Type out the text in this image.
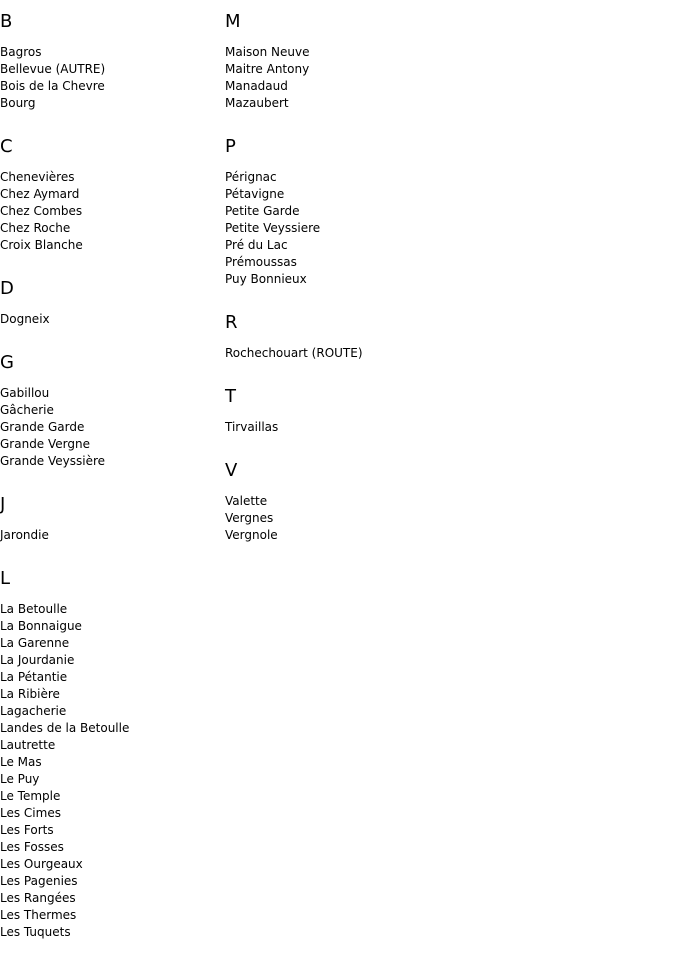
B
Bagros
Bellevue (AUTRE)
Bois de la Chevre
Bourg
C
Chenevières
Chez Aymard
Chez Combes
Chez Roche
Croix Blanche
D
Dogneix
G
Gabillou
Gâcherie
Grande Garde
Grande Vergne
Grande Veyssière
J
Jarondie
L
La Betoulle
La Bonnaigue
La Garenne
La Jourdanie
La Pétantie
La Ribière
Lagacherie
Landes de la Betoulle
Lautrette
Le Mas
Le Puy
Le Temple
Les Cimes
Les Forts
Les Fosses
Les Ourgeaux
Les Pagenies
Les Rangées
Les Thermes
Les Tuquets
M
Maison Neuve
Maitre Antony
Manadaud
Mazaubert
P
Pérignac
Pétavigne
Petite Garde
Petite Veyssiere
Pré du Lac
Prémoussas
Puy Bonnieux
R
Rochechouart (ROUTE)
T
Tirvaillas
V
Valette
Vergnes
Vergnole
